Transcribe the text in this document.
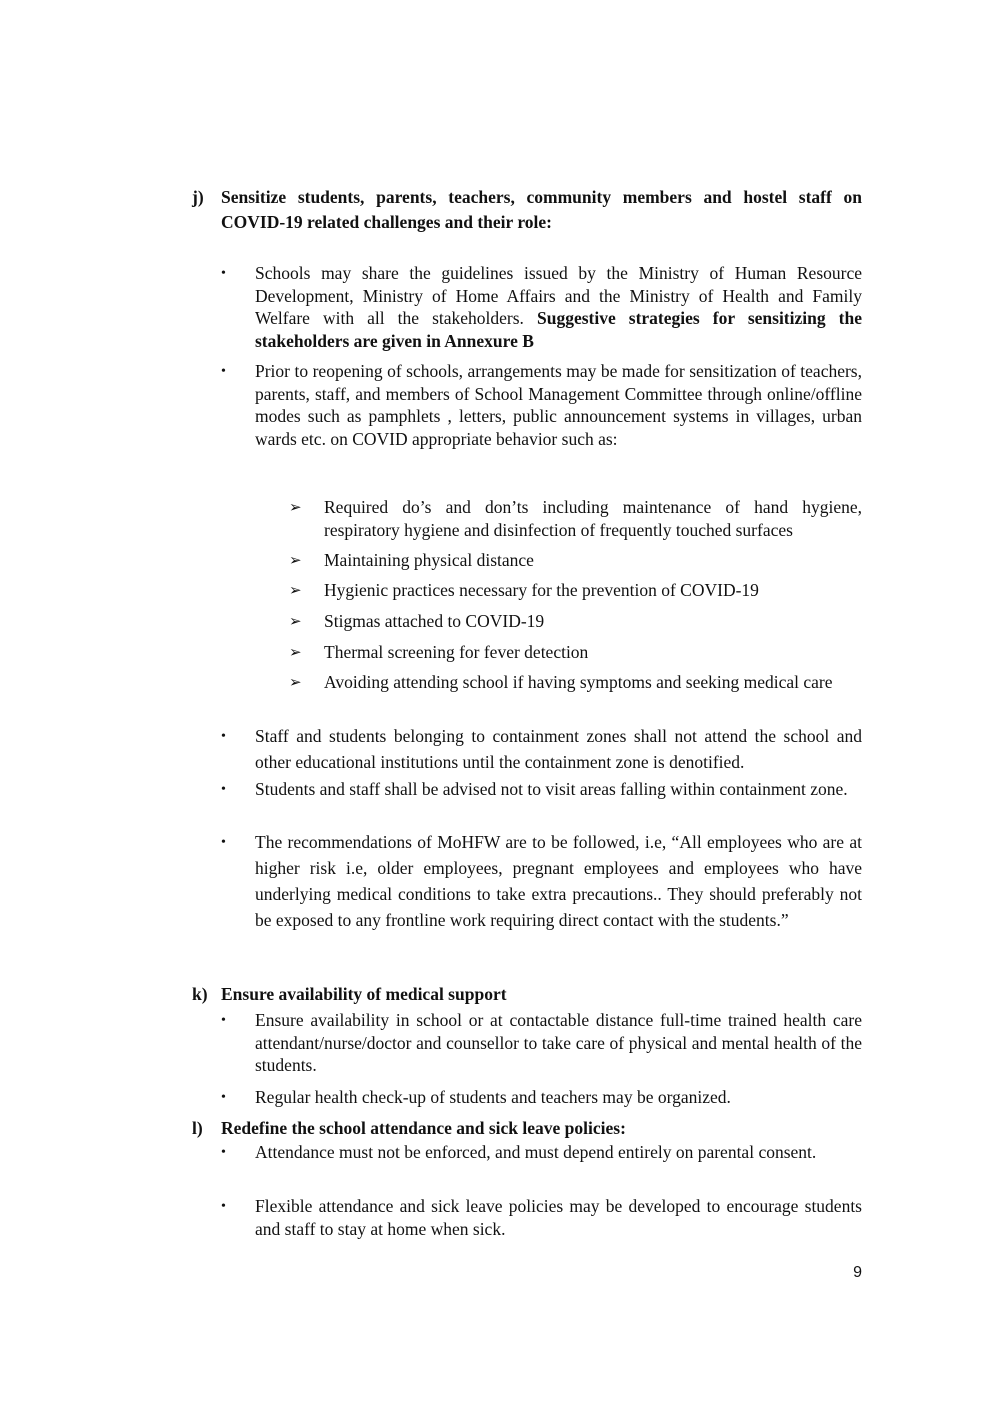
j) Sensitize students, parents, teachers, community members and hostel staff on COVID-19 related challenges and their role:
•	Schools may share the guidelines issued by the Ministry of Human Resource Development, Ministry of Home Affairs and the Ministry of Health and Family Welfare with all the stakeholders. Suggestive strategies for sensitizing the stakeholders are given in Annexure B
•	Prior to reopening of schools, arrangements may be made for sensitization of teachers, parents, staff, and members of School Management Committee through online/offline modes such as pamphlets , letters, public announcement systems in villages, urban wards etc. on COVID appropriate behavior such as:
➢	Required do’s and don’ts including maintenance of hand hygiene, respiratory hygiene and disinfection of frequently touched surfaces
➢	Maintaining physical distance
➢	Hygienic practices necessary for the prevention of COVID-19
➢	Stigmas attached to COVID-19
➢	Thermal screening for fever detection
➢	Avoiding attending school if having symptoms and seeking medical care
•	Staff and students belonging to containment zones shall not attend the school and other educational institutions until the containment zone is denotified.
•	Students and staff shall be advised not to visit areas falling within containment zone.
•	The recommendations of MoHFW are to be followed, i.e, “All employees who are at higher risk i.e, older employees, pregnant employees and employees who have underlying medical conditions to take extra precautions.. They should preferably not be exposed to any frontline work requiring direct contact with the students.”
k) Ensure availability of medical support
•	Ensure availability in school or at contactable distance full-time trained health care attendant/nurse/doctor and counsellor to take care of physical and mental health of the students.
•	Regular health check-up of students and teachers may be organized.
l)	Redefine the school attendance and sick leave policies:
•	Attendance must not be enforced, and must depend entirely on parental consent.
•	Flexible attendance and sick leave policies may be developed to encourage students and staff to stay at home when sick.
9
